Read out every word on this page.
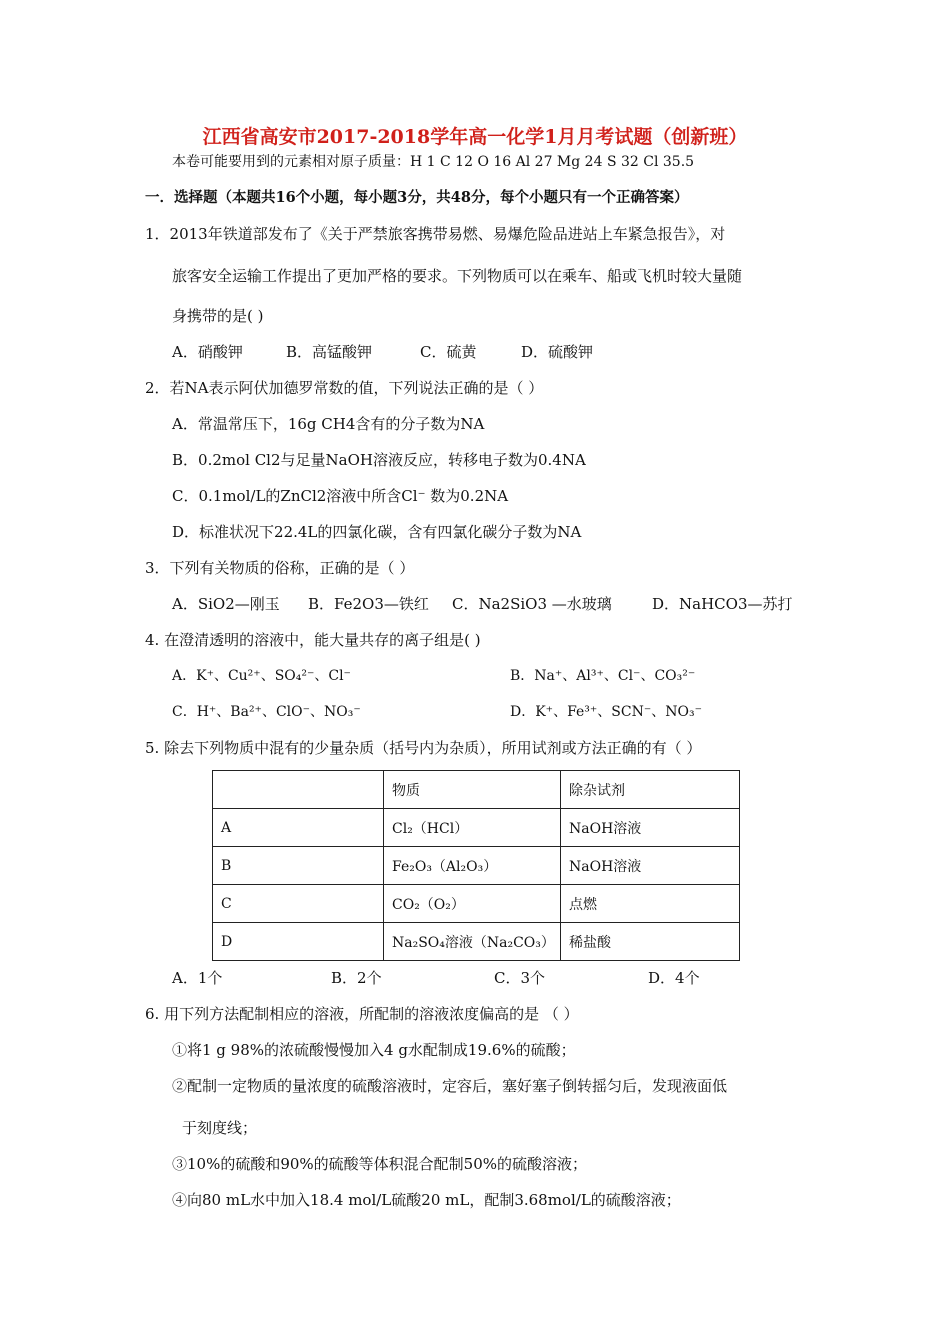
江西省高安市2017-2018学年高一化学1月月考试题（创新班）
本卷可能要用到的元素相对原子质量：H 1 C 12 O 16 Al 27 Mg 24 S 32 Cl 35.5
一．选择题（本题共16个小题，每小题3分，共48分，每个小题只有一个正确答案）
1．2013年铁道部发布了《关于严禁旅客携带易燃、易爆危险品进站上车紧急报告》，对
旅客安全运输工作提出了更加严格的要求。下列物质可以在乘车、船或飞机时较大量随
身携带的是( )
A．硝酸钾	B．高锰酸钾	C．硫黄	D．硫酸钾
2．若NA表示阿伏加德罗常数的值，下列说法正确的是（ ）
A．常温常压下，16g CH4含有的分子数为NA
B．0.2mol Cl2与足量NaOH溶液反应，转移电子数为0.4NA
C．0.1mol/L的ZnCl2溶液中所含Cl⁻ 数为0.2NA
D．标准状况下22.4L的四氯化碳，含有四氯化碳分子数为NA
3．下列有关物质的俗称，正确的是（ ）
A．SiO2—刚玉 B．Fe2O3—铁红 C．Na2SiO3 —水玻璃	D．NaHCO3—苏打
4. 在澄清透明的溶液中，能大量共存的离子组是( )
A．K⁺、Cu²⁺、SO₄²⁻、Cl⁻	B．Na⁺、Al³⁺、Cl⁻、CO₃²⁻
C．H⁺、Ba²⁺、ClO⁻、NO₃⁻	D．K⁺、Fe³⁺、SCN⁻、NO₃⁻
5. 除去下列物质中混有的少量杂质（括号内为杂质），所用试剂或方法正确的有（ ）
	物质	除杂试剂
A	Cl₂（HCl）	NaOH溶液
B	Fe₂O₃（Al₂O₃）	NaOH溶液
C	CO₂（O₂）	点燃
D	Na₂SO₄溶液（Na₂CO₃）	稀盐酸
A．1个	B．2个	C．3个	D．4个
6. 用下列方法配制相应的溶液，所配制的溶液浓度偏高的是 （ ）
①将1 g 98%的浓硫酸慢慢加入4 g水配制成19.6%的硫酸；
②配制一定物质的量浓度的硫酸溶液时，定容后，塞好塞子倒转摇匀后，发现液面低
于刻度线；
③10%的硫酸和90%的硫酸等体积混合配制50%的硫酸溶液；
④向80 mL水中加入18.4 mol/L硫酸20 mL，配制3.68mol/L的硫酸溶液；
